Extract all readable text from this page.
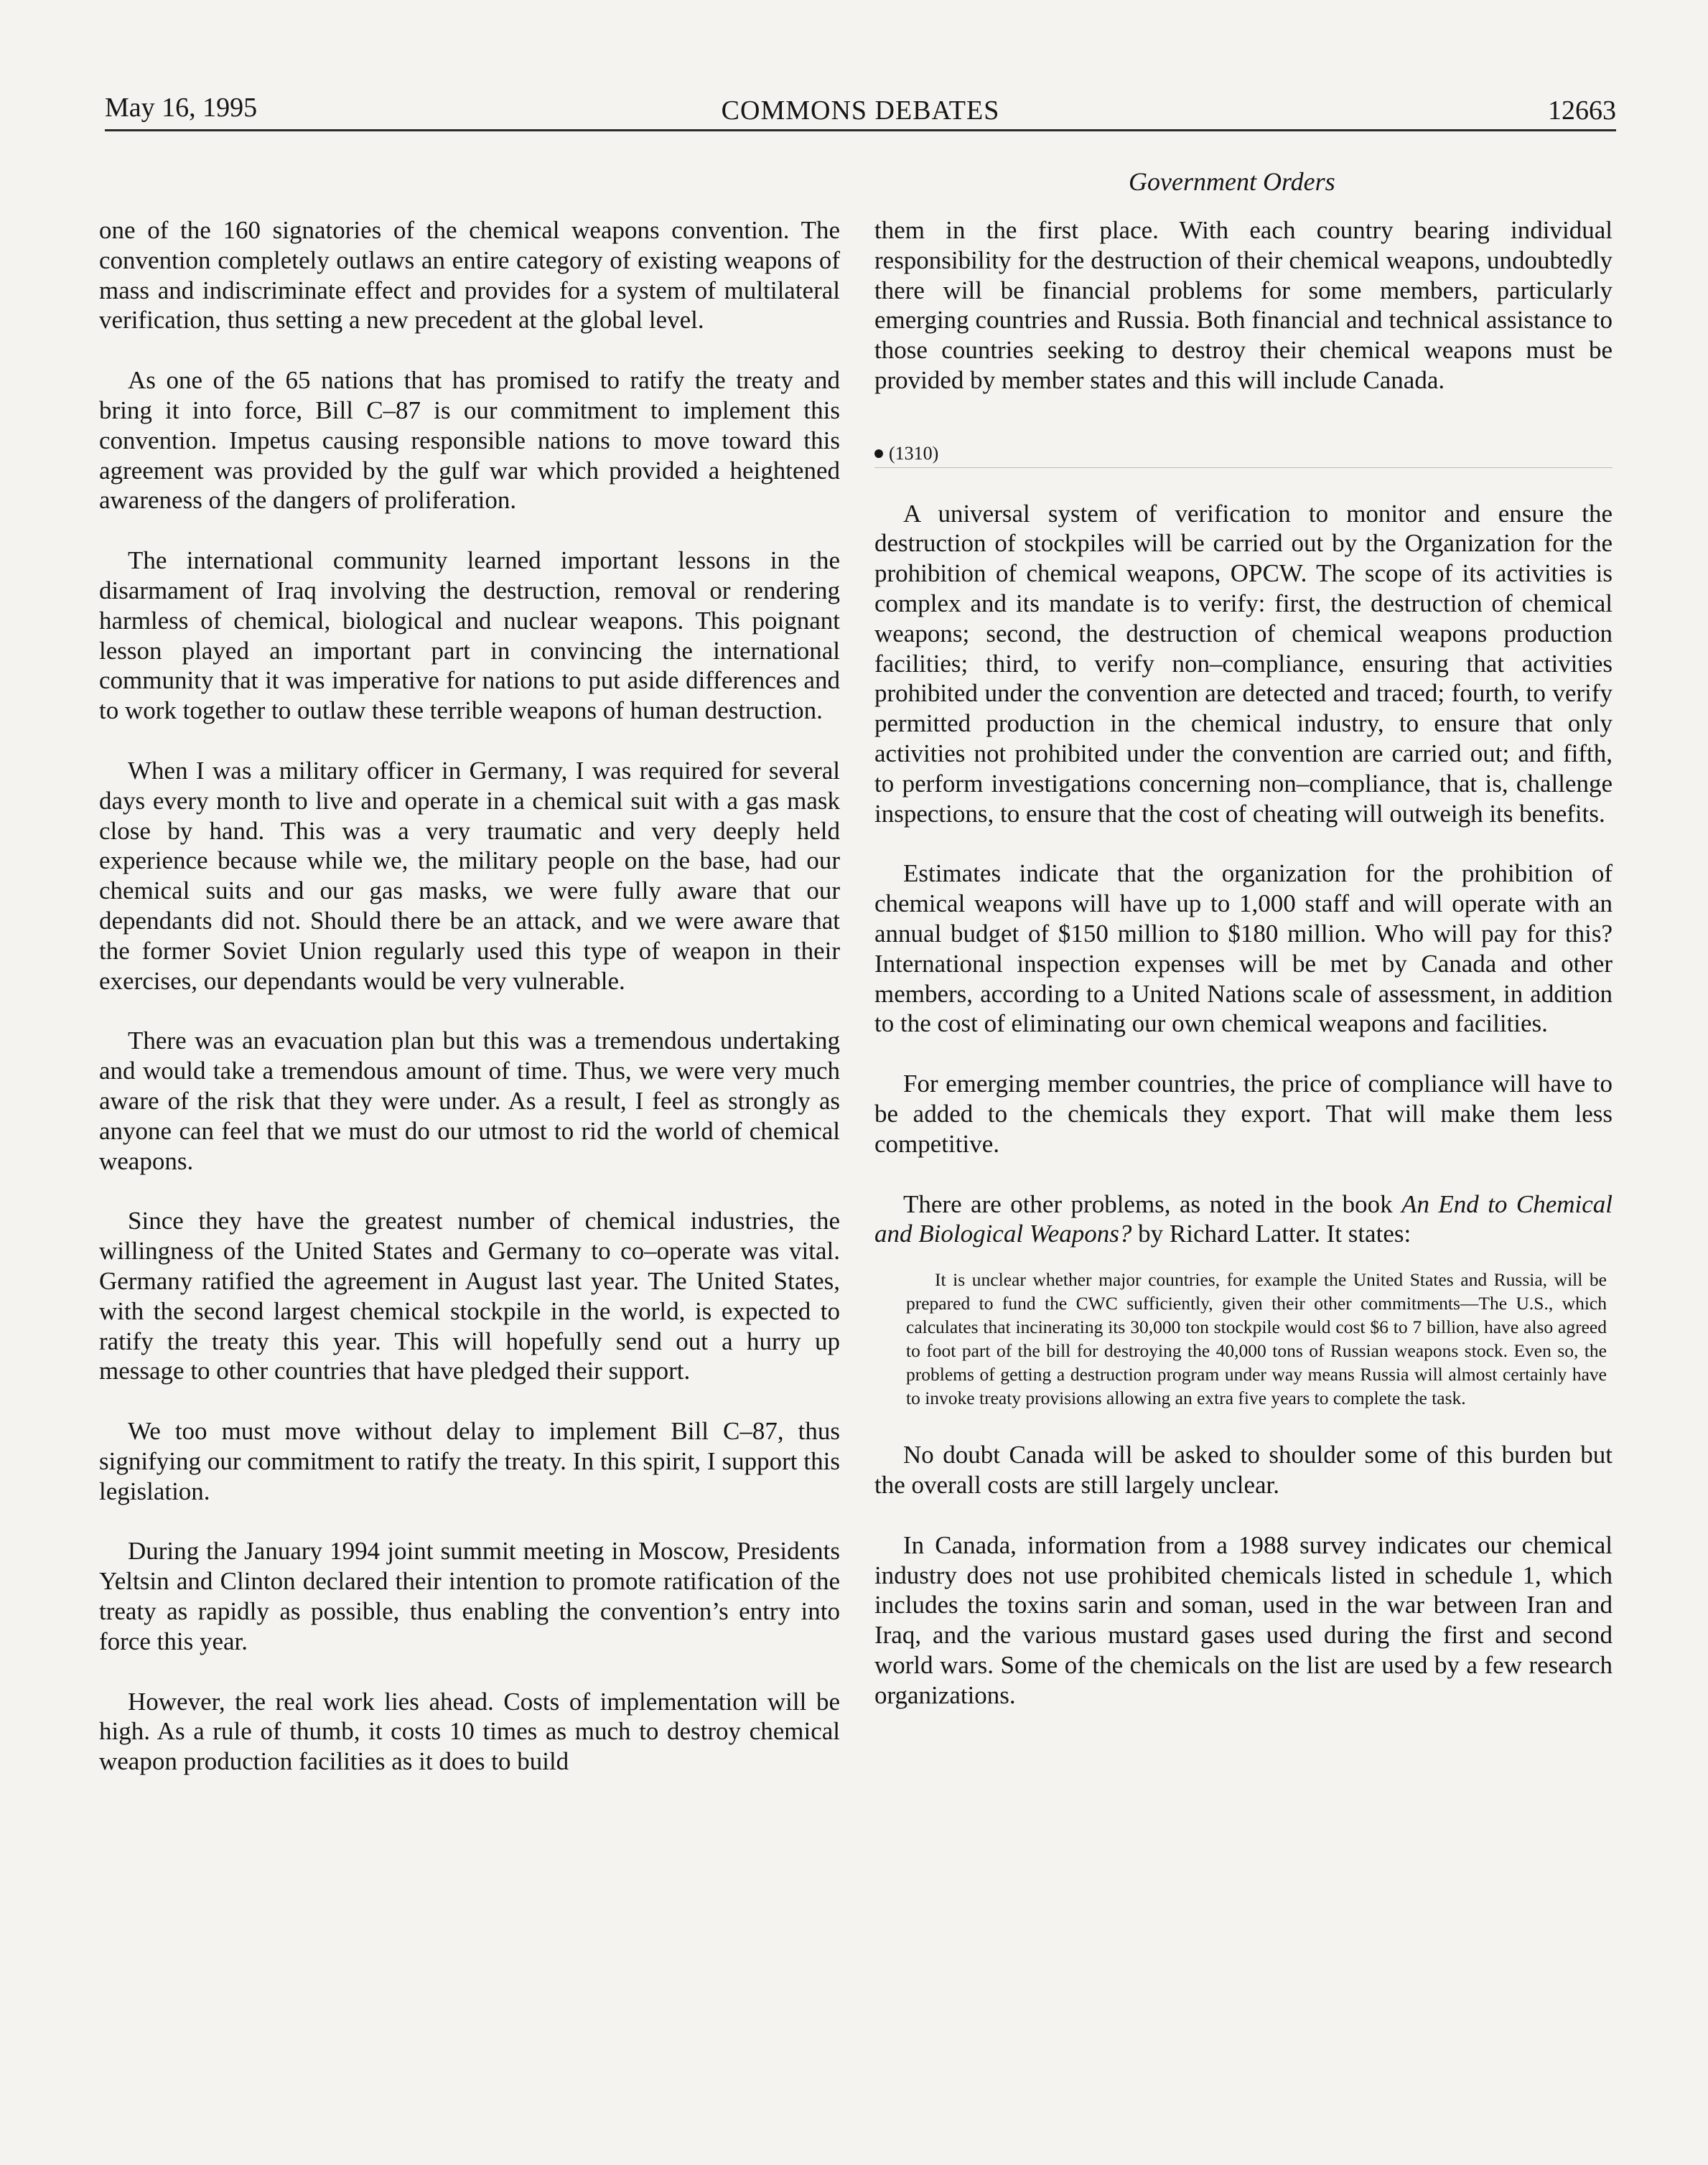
May 16, 1995	COMMONS DEBATES	12663
Government Orders

one of the 160 signatories of the chemical weapons convention. The convention completely outlaws an entire category of existing weapons of mass and indiscriminate effect and provides for a system of multilateral verification, thus setting a new precedent at the global level.

As one of the 65 nations that has promised to ratify the treaty and bring it into force, Bill C–87 is our commitment to implement this convention. Impetus causing responsible nations to move toward this agreement was provided by the gulf war which provided a heightened awareness of the dangers of proliferation.

The international community learned important lessons in the disarmament of Iraq involving the destruction, removal or rendering harmless of chemical, biological and nuclear weapons. This poignant lesson played an important part in convincing the international community that it was imperative for nations to put aside differences and to work together to outlaw these terrible weapons of human destruction.

When I was a military officer in Germany, I was required for several days every month to live and operate in a chemical suit with a gas mask close by hand. This was a very traumatic and very deeply held experience because while we, the military people on the base, had our chemical suits and our gas masks, we were fully aware that our dependants did not. Should there be an attack, and we were aware that the former Soviet Union regularly used this type of weapon in their exercises, our dependants would be very vulnerable.

There was an evacuation plan but this was a tremendous undertaking and would take a tremendous amount of time. Thus, we were very much aware of the risk that they were under. As a result, I feel as strongly as anyone can feel that we must do our utmost to rid the world of chemical weapons.

Since they have the greatest number of chemical industries, the willingness of the United States and Germany to co–operate was vital. Germany ratified the agreement in August last year. The United States, with the second largest chemical stockpile in the world, is expected to ratify the treaty this year. This will hopefully send out a hurry up message to other countries that have pledged their support.

We too must move without delay to implement Bill C–87, thus signifying our commitment to ratify the treaty. In this spirit, I support this legislation.

During the January 1994 joint summit meeting in Moscow, Presidents Yeltsin and Clinton declared their intention to promote ratification of the treaty as rapidly as possible, thus enabling the convention’s entry into force this year.

However, the real work lies ahead. Costs of implementation will be high. As a rule of thumb, it costs 10 times as much to destroy chemical weapon production facilities as it does to build

them in the first place. With each country bearing individual responsibility for the destruction of their chemical weapons, undoubtedly there will be financial problems for some members, particularly emerging countries and Russia. Both financial and technical assistance to those countries seeking to destroy their chemical weapons must be provided by member states and this will include Canada.

(1310)

A universal system of verification to monitor and ensure the destruction of stockpiles will be carried out by the Organization for the prohibition of chemical weapons, OPCW. The scope of its activities is complex and its mandate is to verify: first, the destruction of chemical weapons; second, the destruction of chemical weapons production facilities; third, to verify non–compliance, ensuring that activities prohibited under the convention are detected and traced; fourth, to verify permitted production in the chemical industry, to ensure that only activities not prohibited under the convention are carried out; and fifth, to perform investigations concerning non–compliance, that is, challenge inspections, to ensure that the cost of cheating will outweigh its benefits.

Estimates indicate that the organization for the prohibition of chemical weapons will have up to 1,000 staff and will operate with an annual budget of $150 million to $180 million. Who will pay for this? International inspection expenses will be met by Canada and other members, according to a United Nations scale of assessment, in addition to the cost of eliminating our own chemical weapons and facilities.

For emerging member countries, the price of compliance will have to be added to the chemicals they export. That will make them less competitive.

There are other problems, as noted in the book An End to Chemical and Biological Weapons? by Richard Latter. It states:

It is unclear whether major countries, for example the United States and Russia, will be prepared to fund the CWC sufficiently, given their other commitments—The U.S., which calculates that incinerating its 30,000 ton stockpile would cost $6 to 7 billion, have also agreed to foot part of the bill for destroying the 40,000 tons of Russian weapons stock. Even so, the problems of getting a destruction program under way means Russia will almost certainly have to invoke treaty provisions allowing an extra five years to complete the task.

No doubt Canada will be asked to shoulder some of this burden but the overall costs are still largely unclear.

In Canada, information from a 1988 survey indicates our chemical industry does not use prohibited chemicals listed in schedule 1, which includes the toxins sarin and soman, used in the war between Iran and Iraq, and the various mustard gases used during the first and second world wars. Some of the chemicals on the list are used by a few research organizations.
